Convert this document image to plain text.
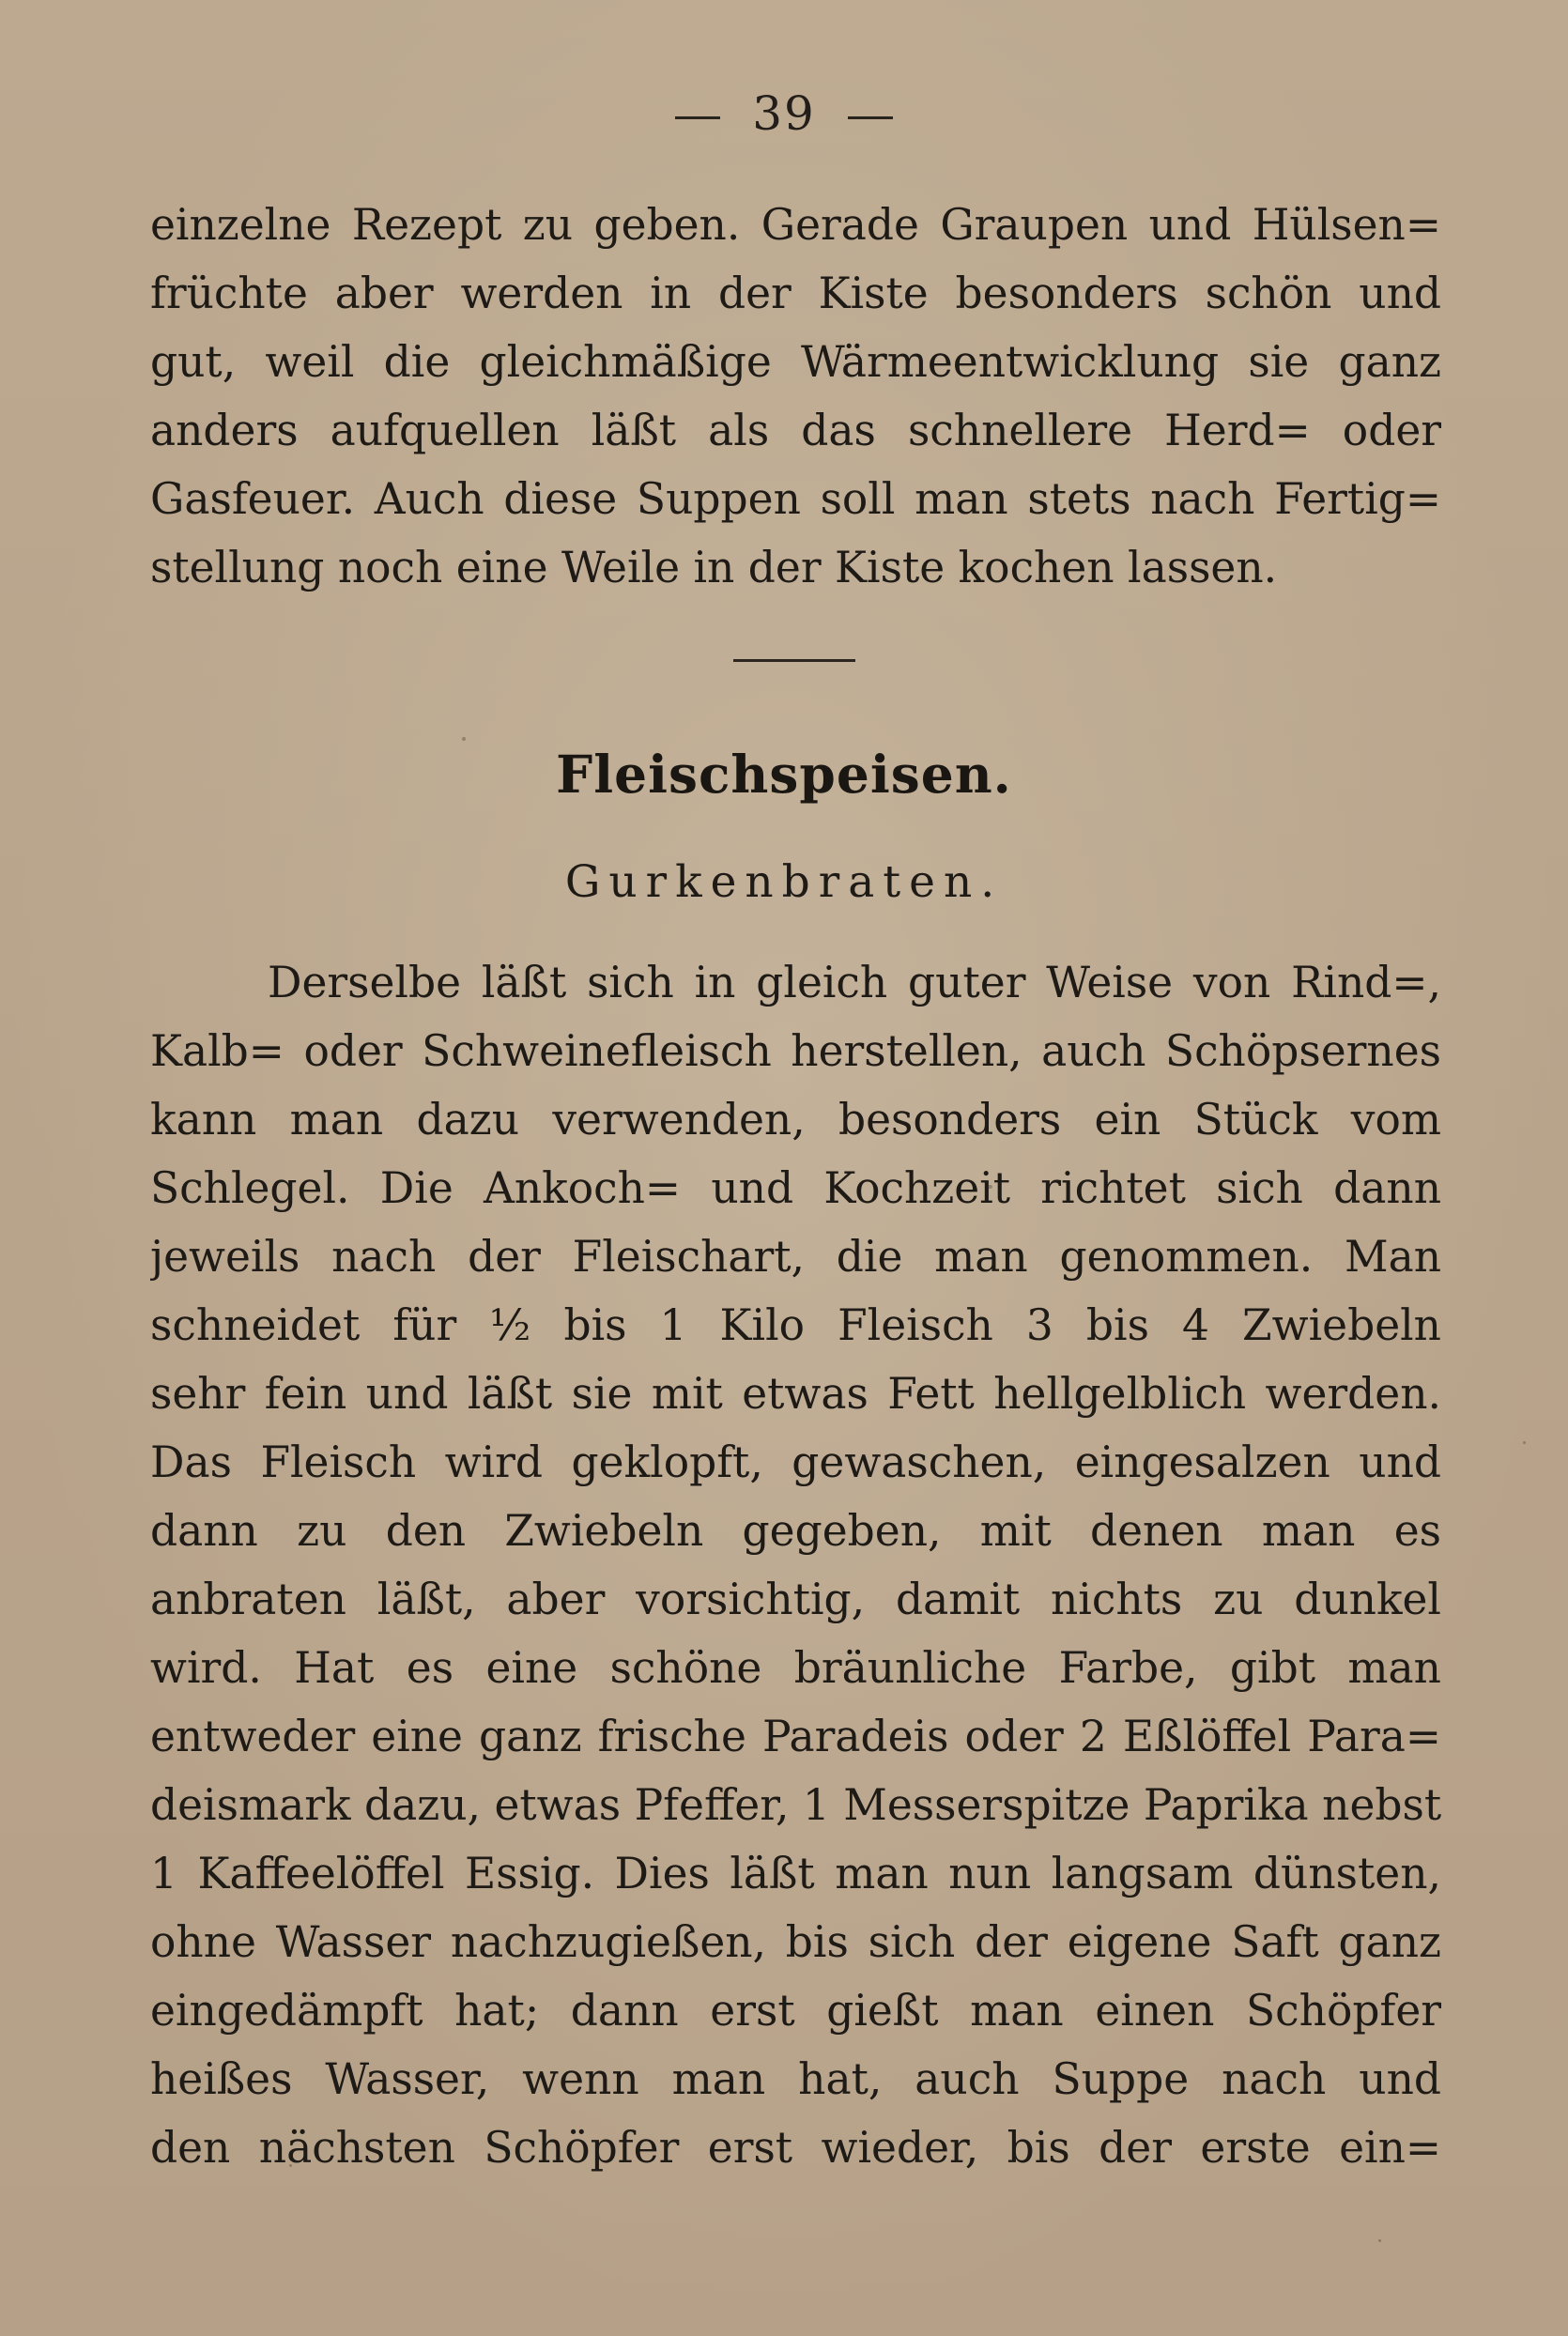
39
einzelne Rezept zu geben. Gerade Graupen und Hülsen=
früchte aber werden in der Kiste besonders schön und
gut, weil die gleichmäßige Wärmeentwicklung sie ganz
anders aufquellen läßt als das schnellere Herd= oder
Gasfeuer. Auch diese Suppen soll man stets nach Fertig=
stellung noch eine Weile in der Kiste kochen lassen.
Fleischspeisen.
Gurkenbraten.
Derselbe läßt sich in gleich guter Weise von Rind=,
Kalb= oder Schweinefleisch herstellen, auch Schöpsernes
kann man dazu verwenden, besonders ein Stück vom
Schlegel. Die Ankoch= und Kochzeit richtet sich dann
jeweils nach der Fleischart, die man genommen. Man
schneidet für ½ bis 1 Kilo Fleisch 3 bis 4 Zwiebeln
sehr fein und läßt sie mit etwas Fett hellgelblich werden.
Das Fleisch wird geklopft, gewaschen, eingesalzen und
dann zu den Zwiebeln gegeben, mit denen man es
anbraten läßt, aber vorsichtig, damit nichts zu dunkel
wird. Hat es eine schöne bräunliche Farbe, gibt man
entweder eine ganz frische Paradeis oder 2 Eßlöffel Para=
deismark dazu, etwas Pfeffer, 1 Messerspitze Paprika nebst
1 Kaffeelöffel Essig. Dies läßt man nun langsam dünsten,
ohne Wasser nachzugießen, bis sich der eigene Saft ganz
eingedämpft hat; dann erst gießt man einen Schöpfer
heißes Wasser, wenn man hat, auch Suppe nach und
den nächsten Schöpfer erst wieder, bis der erste ein=
